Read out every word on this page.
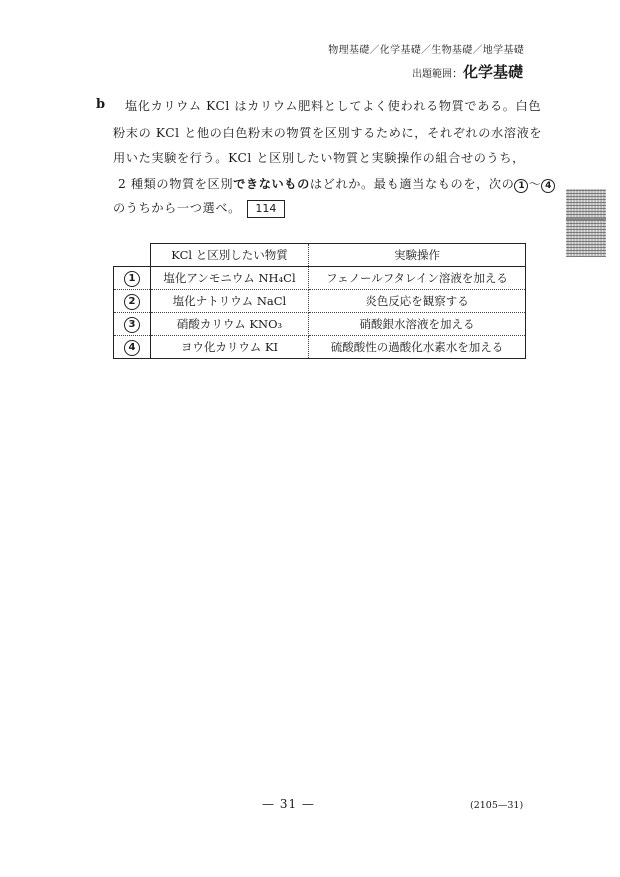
物理基礎／化学基礎／生物基礎／地学基礎
出題範囲：化学基礎
b 塩化カリウム KCl はカリウム肥料としてよく使われる物質である。白色
粉末の KCl と他の白色粉末の物質を区別するために，それぞれの水溶液を
用いた実験を行う。KCl と区別したい物質と実験操作の組合せのうち，
2 種類の物質を区別できないものはどれか。最も適当なものを，次の 1 ～ 4
のうちから一つ選べ。 114
	KCl と区別したい物質	実験操作
1	塩化アンモニウム NH₄Cl	フェノールフタレイン溶液を加える
2	塩化ナトリウム NaCl	炎色反応を観察する
3	硝酸カリウム KNO₃	硝酸銀水溶液を加える
4	ヨウ化カリウム KI	硫酸酸性の過酸化水素水を加える
— 31 —	(2105—31)
